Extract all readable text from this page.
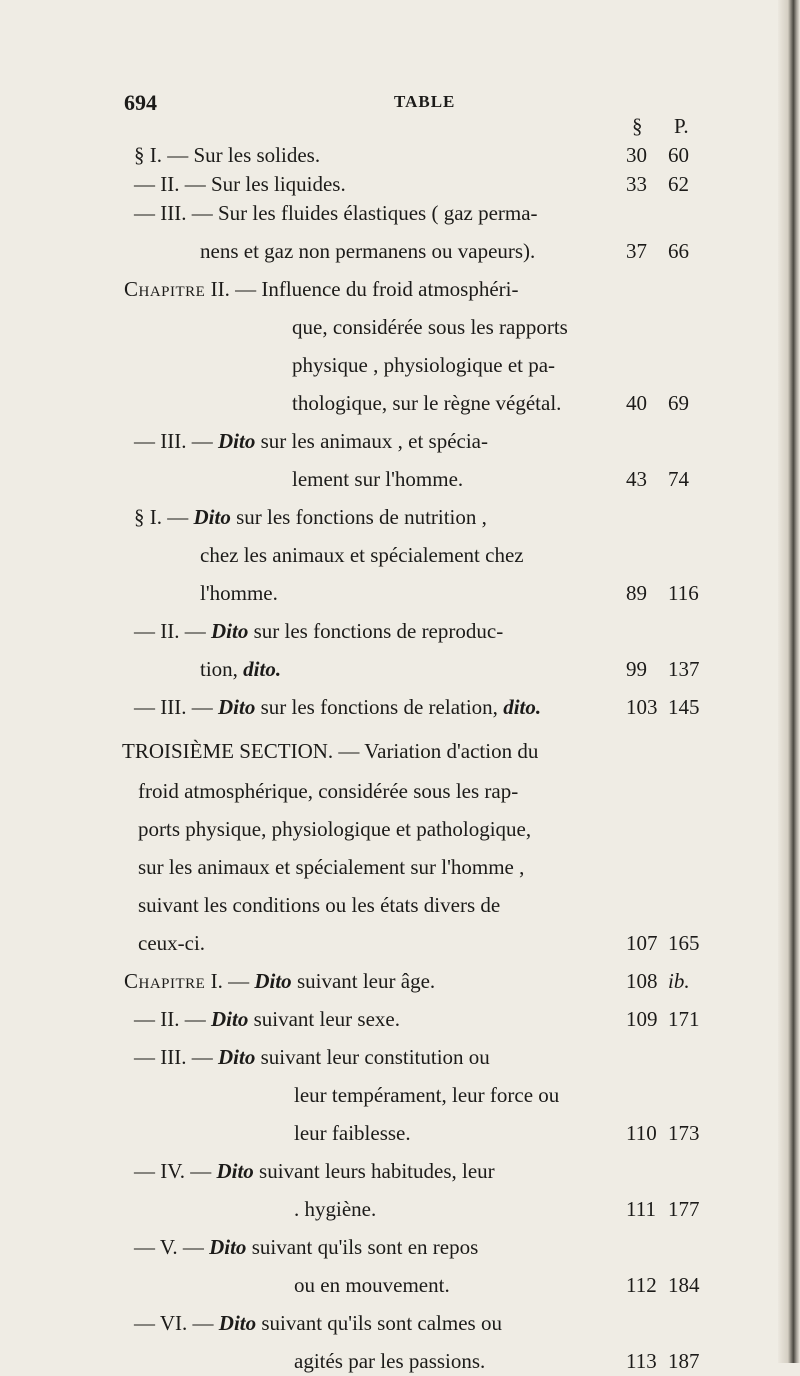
694	TABLE
§ P.
§ I. — Sur les solides.	30 60
— II. — Sur les liquides.	33 62
— III. — Sur les fluides élastiques ( gaz perma-
nens et gaz non permanens ou vapeurs).	37 66
Chapitre II. — Influence du froid atmosphéri-
que, considérée sous les rapports
physique , physiologique et pa-
thologique, sur le règne végétal.	40 69
— III. — Dito sur les animaux , et spécia-
lement sur l'homme.	43 74
§ I. — Dito sur les fonctions de nutrition ,
chez les animaux et spécialement chez
l'homme.	89 116
— II. — Dito sur les fonctions de reproduc-
tion, dito.	99 137
— III. — Dito sur les fonctions de relation, dito.	103 145
TROISIÈME SECTION. — Variation d'action du
froid atmosphérique, considérée sous les rap-
ports physique, physiologique et pathologique,
sur les animaux et spécialement sur l'homme ,
suivant les conditions ou les états divers de
ceux-ci.	107 165
Chapitre I. — Dito suivant leur âge.	108 ib.
— II. — Dito suivant leur sexe.	109 171
— III. — Dito suivant leur constitution ou
leur tempérament, leur force ou
leur faiblesse.	110 173
— IV. — Dito suivant leurs habitudes, leur
. hygiène.	111 177
— V. — Dito suivant qu'ils sont en repos
ou en mouvement.	112 184
— VI. — Dito suivant qu'ils sont calmes ou
agités par les passions.	113 187
